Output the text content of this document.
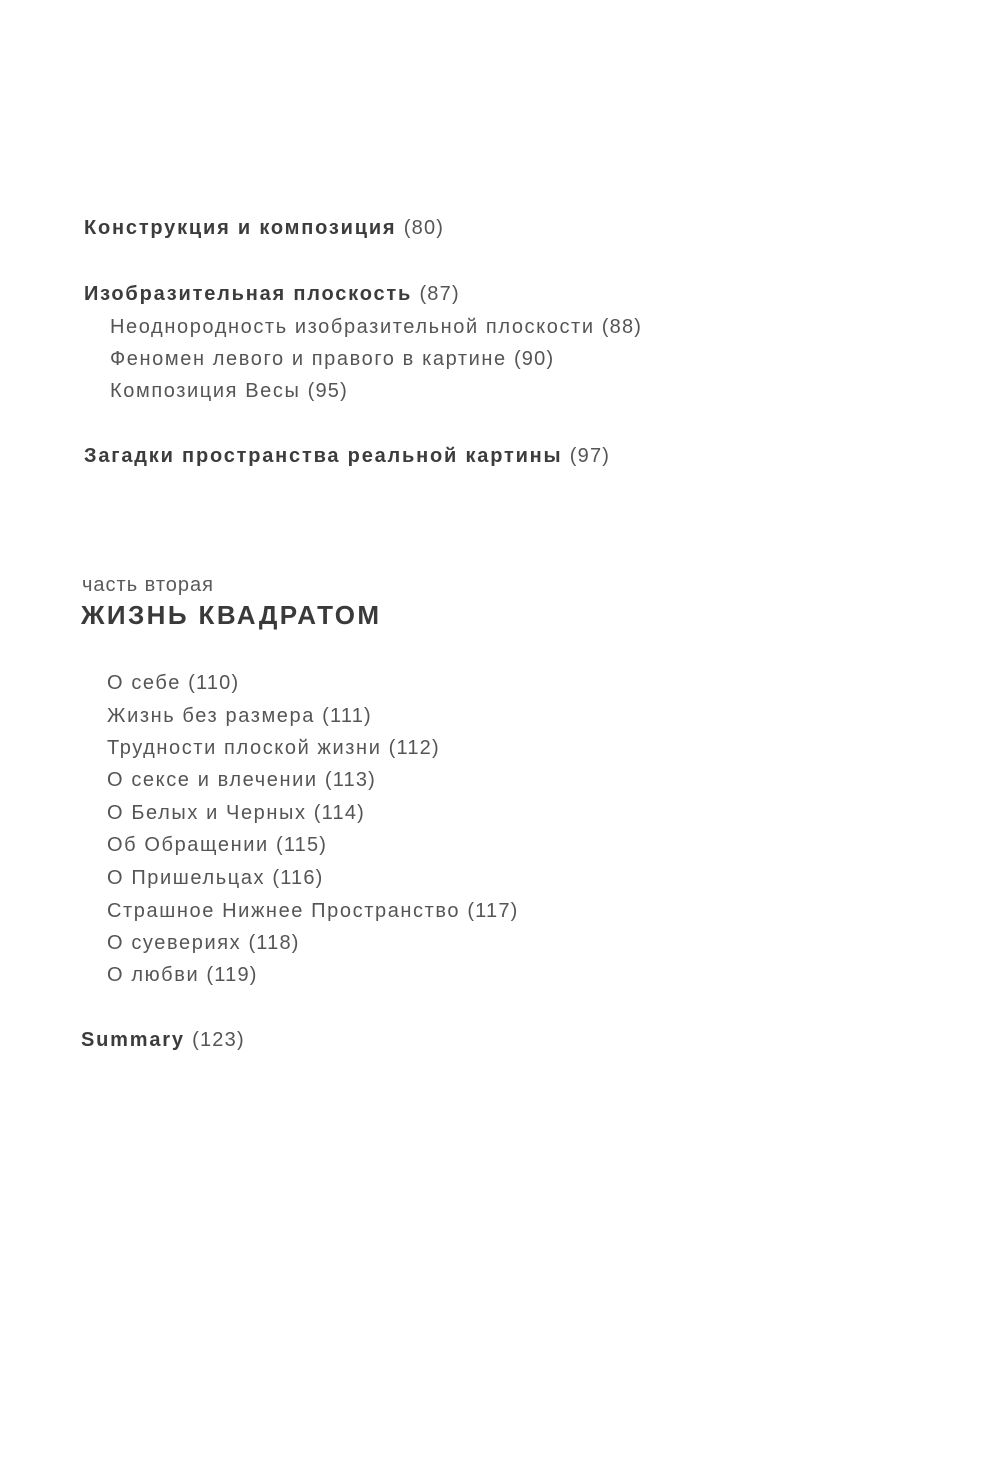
Конструкция и композиция (80)
Изобразительная плоскость (87)
Неоднородность изобразительной плоскости (88)
Феномен левого и правого в картине (90)
Композиция Весы (95)
Загадки пространства реальной картины (97)
часть вторая
ЖИЗНЬ КВАДРАТОМ
О себе (110)
Жизнь без размера (111)
Трудности плоской жизни (112)
О сексе и влечении (113)
О Белых и Черных (114)
Об Обращении (115)
О Пришельцах (116)
Страшное Нижнее Пространство (117)
О суевериях (118)
О любви (119)
Summary (123)
